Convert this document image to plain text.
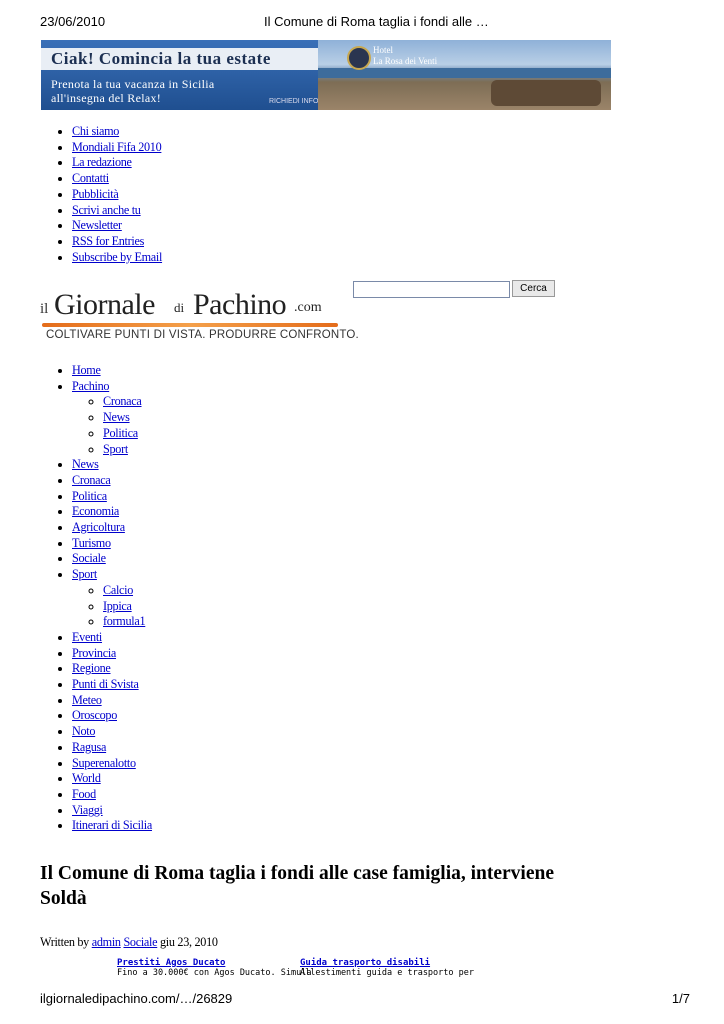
23/06/2010	Il Comune di Roma taglia i fondi alle …
Ciak! Comincia la tua estate
Prenota la tua vacanza in Sicilia
all'insegna del Relax!	RICHIEDI INFO
Hotel
La Rosa dei Venti
• Chi siamo
• Mondiali Fifa 2010
• La redazione
• Contatti
• Pubblicità
• Scrivi anche tu
• Newsletter
• RSS for Entries
• Subscribe by Email
Cerca
il Giornale di Pachino .com
COLTIVARE PUNTI DI VISTA. PRODURRE CONFRONTO.
• Home
• Pachino
◦ Cronaca
◦ News
◦ Politica
◦ Sport
• News
• Cronaca
• Politica
• Economia
• Agricoltura
• Turismo
• Sociale
• Sport
◦ Calcio
◦ Ippica
◦ formula1
• Eventi
• Provincia
• Regione
• Punti di Svista
• Meteo
• Oroscopo
• Noto
• Ragusa
• Superenalotto
• World
• Food
• Viaggi
• Itinerari di Sicilia
Il Comune di Roma taglia i fondi alle case famiglia, interviene Soldà
Written by admin Sociale giu 23, 2010
Prestiti Agos Ducato
Fino a 30.000€ con Agos Ducato. Simula
Guida trasporto disabili
Allestimenti guida e trasporto per
ilgiornaledipachino.com/…/26829	1/7
